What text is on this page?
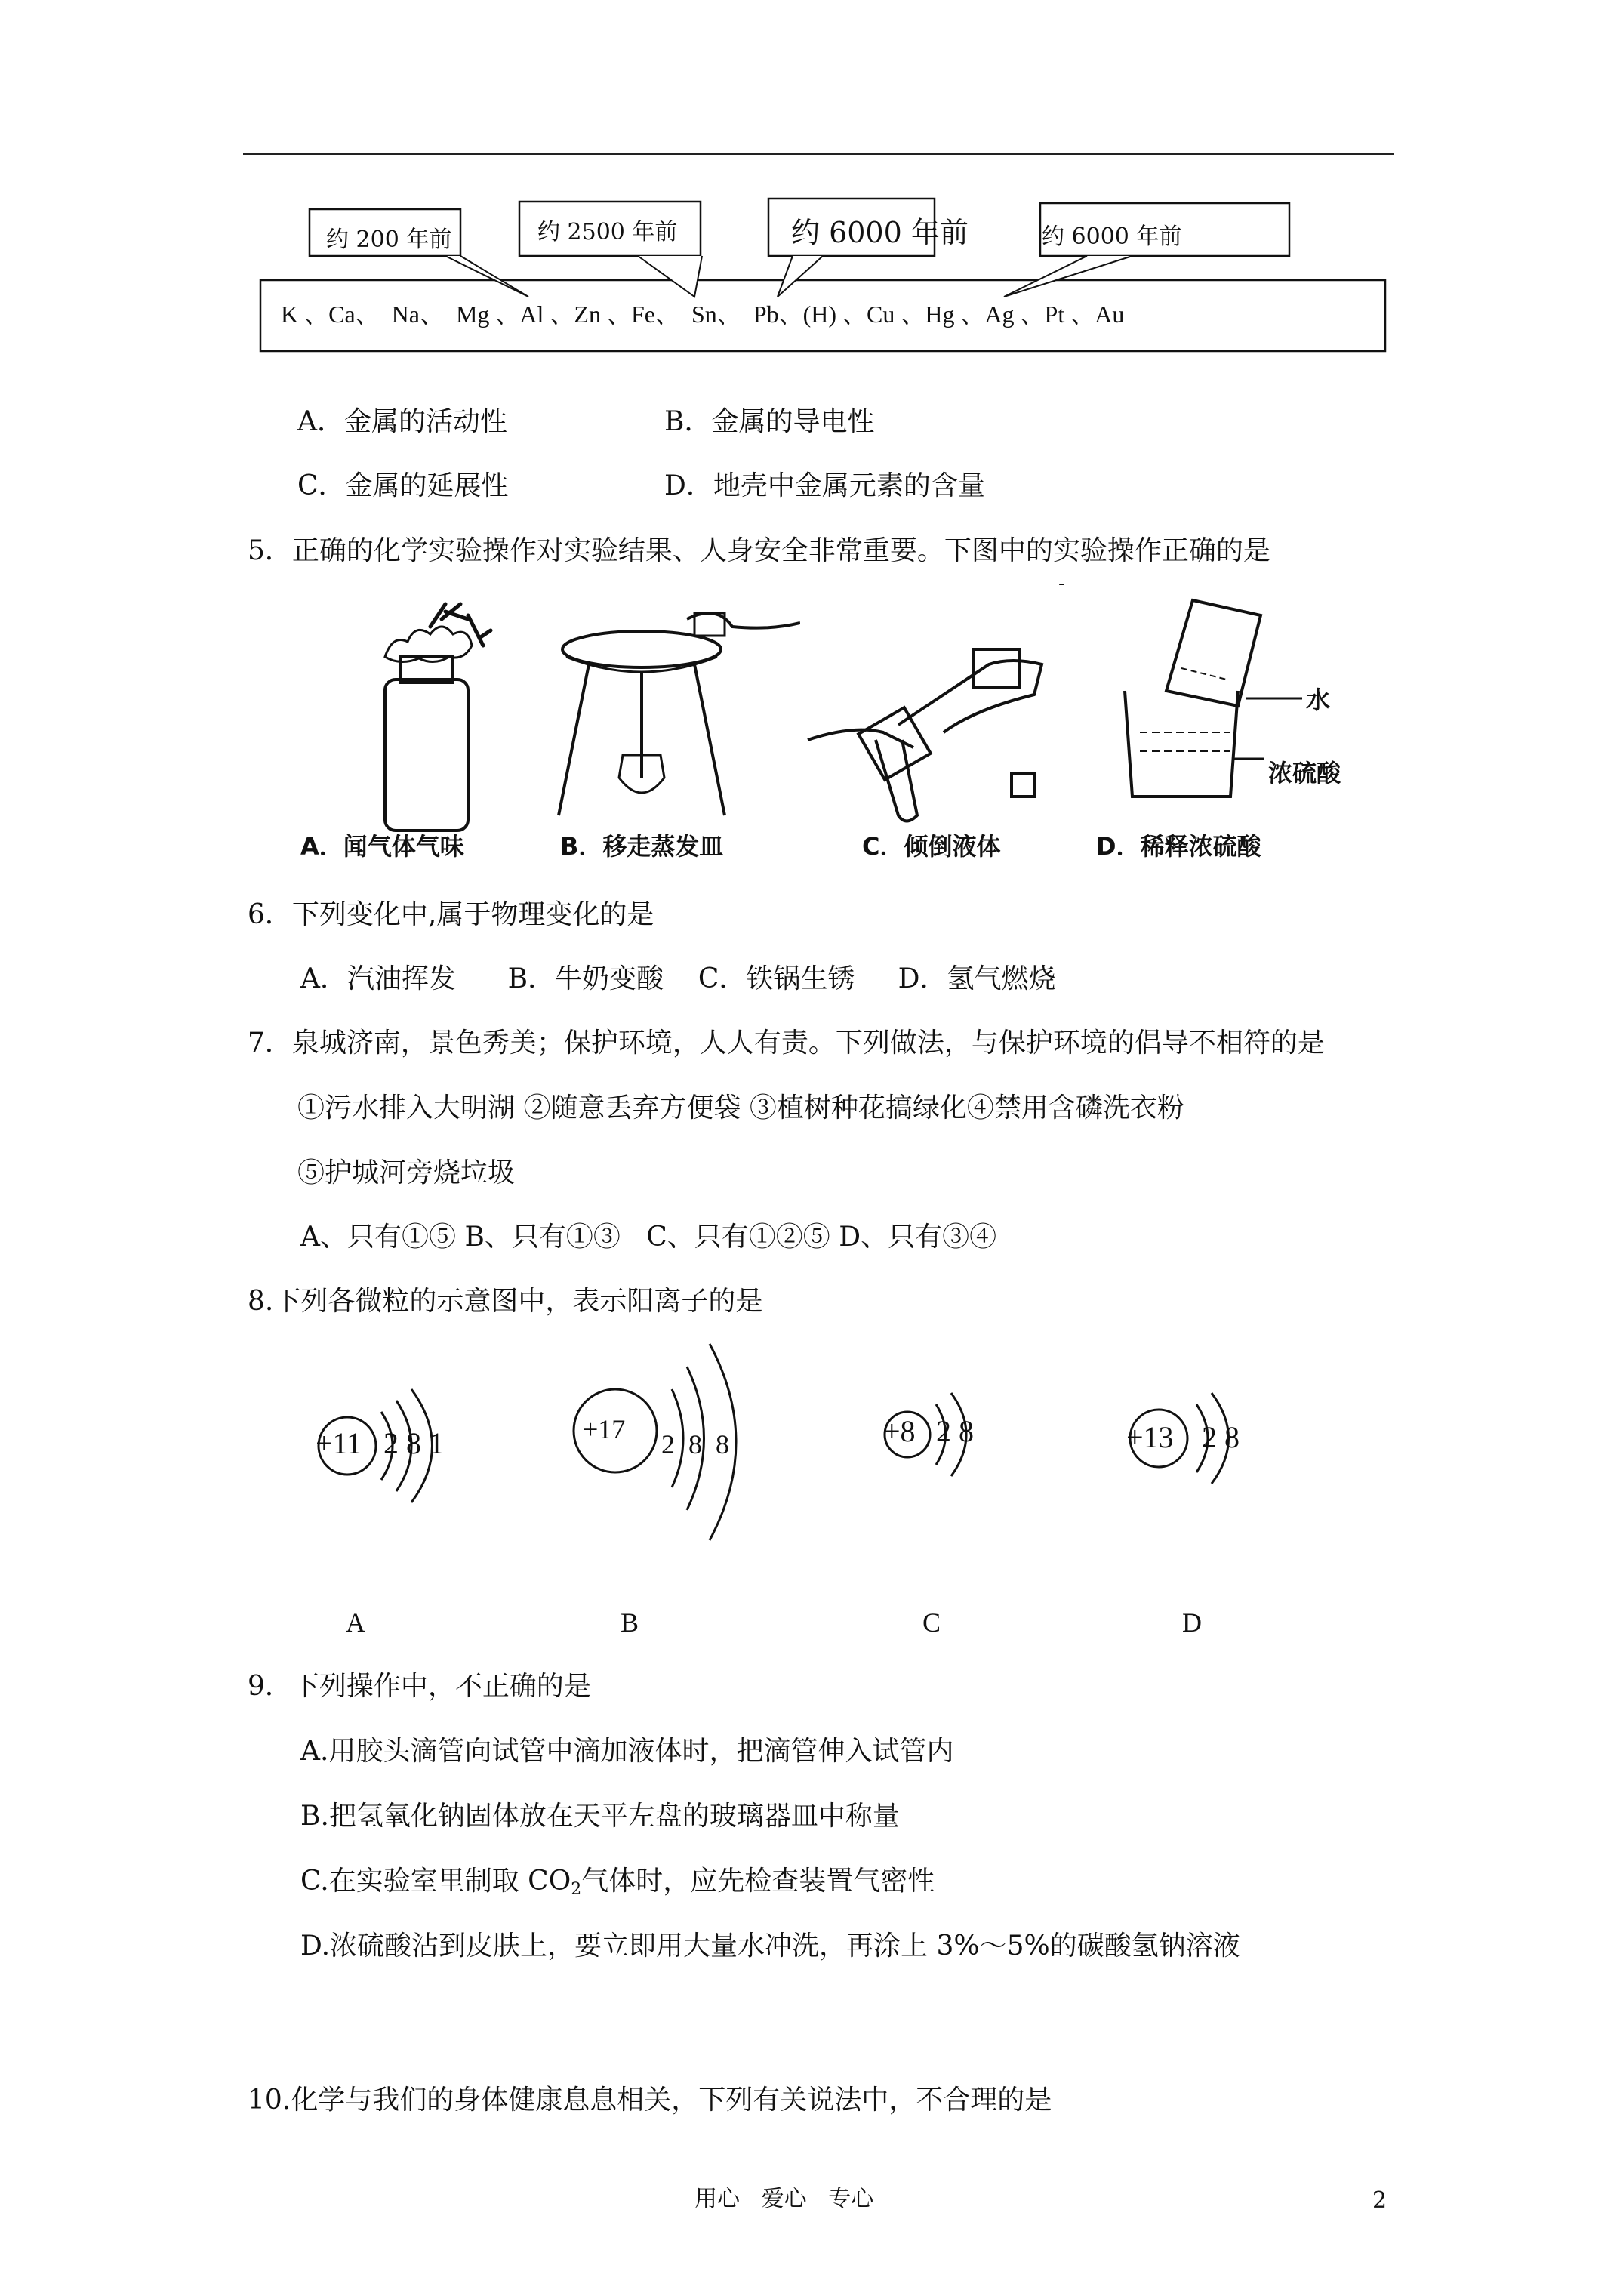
约 200 年前	约 2500 年前	约 6000 年前	约 6000 年前
K 、Ca、  Na、  Mg 、Al 、Zn 、Fe、  Sn、  Pb、(H) 、Cu 、Hg 、Ag 、Pt 、Au
A．金属的活动性	B．金属的导电性
C．金属的延展性	D．地壳中金属元素的含量
5．正确的化学实验操作对实验结果、人身安全非常重要。下图中的实验操作正确的是
-
水
浓硫酸
A．闻气体气味	B．移走蒸发皿	C．倾倒液体	D．稀释浓硫酸
6．下列变化中,属于物理变化的是
A．汽油挥发      B．牛奶变酸    C．铁锅生锈     D．氢气燃烧
7．泉城济南，景色秀美；保护环境，人人有责。下列做法，与保护环境的倡导不相符的是
①污水排入大明湖 ②随意丢弃方便袋 ③植树种花搞绿化④禁用含磷洗衣粉
⑤护城河旁烧垃圾
A、只有①⑤ B、只有①③   C、只有①②⑤ D、只有③④
8.下列各微粒的示意图中，表示阳离子的是
+11 2 8 1	+17 2  8  8	+8 2 8	+13 2 8
A	B	C	D
9．下列操作中，不正确的是
A.用胶头滴管向试管中滴加液体时，把滴管伸入试管内
B.把氢氧化钠固体放在天平左盘的玻璃器皿中称量
C.在实验室里制取 $CO_2$气体时，应先检查装置气密性
D.浓硫酸沾到皮肤上，要立即用大量水冲洗，再涂上 3%～5%的碳酸氢钠溶液
10.化学与我们的身体健康息息相关，下列有关说法中，不合理的是
用心   爱心   专心	2
